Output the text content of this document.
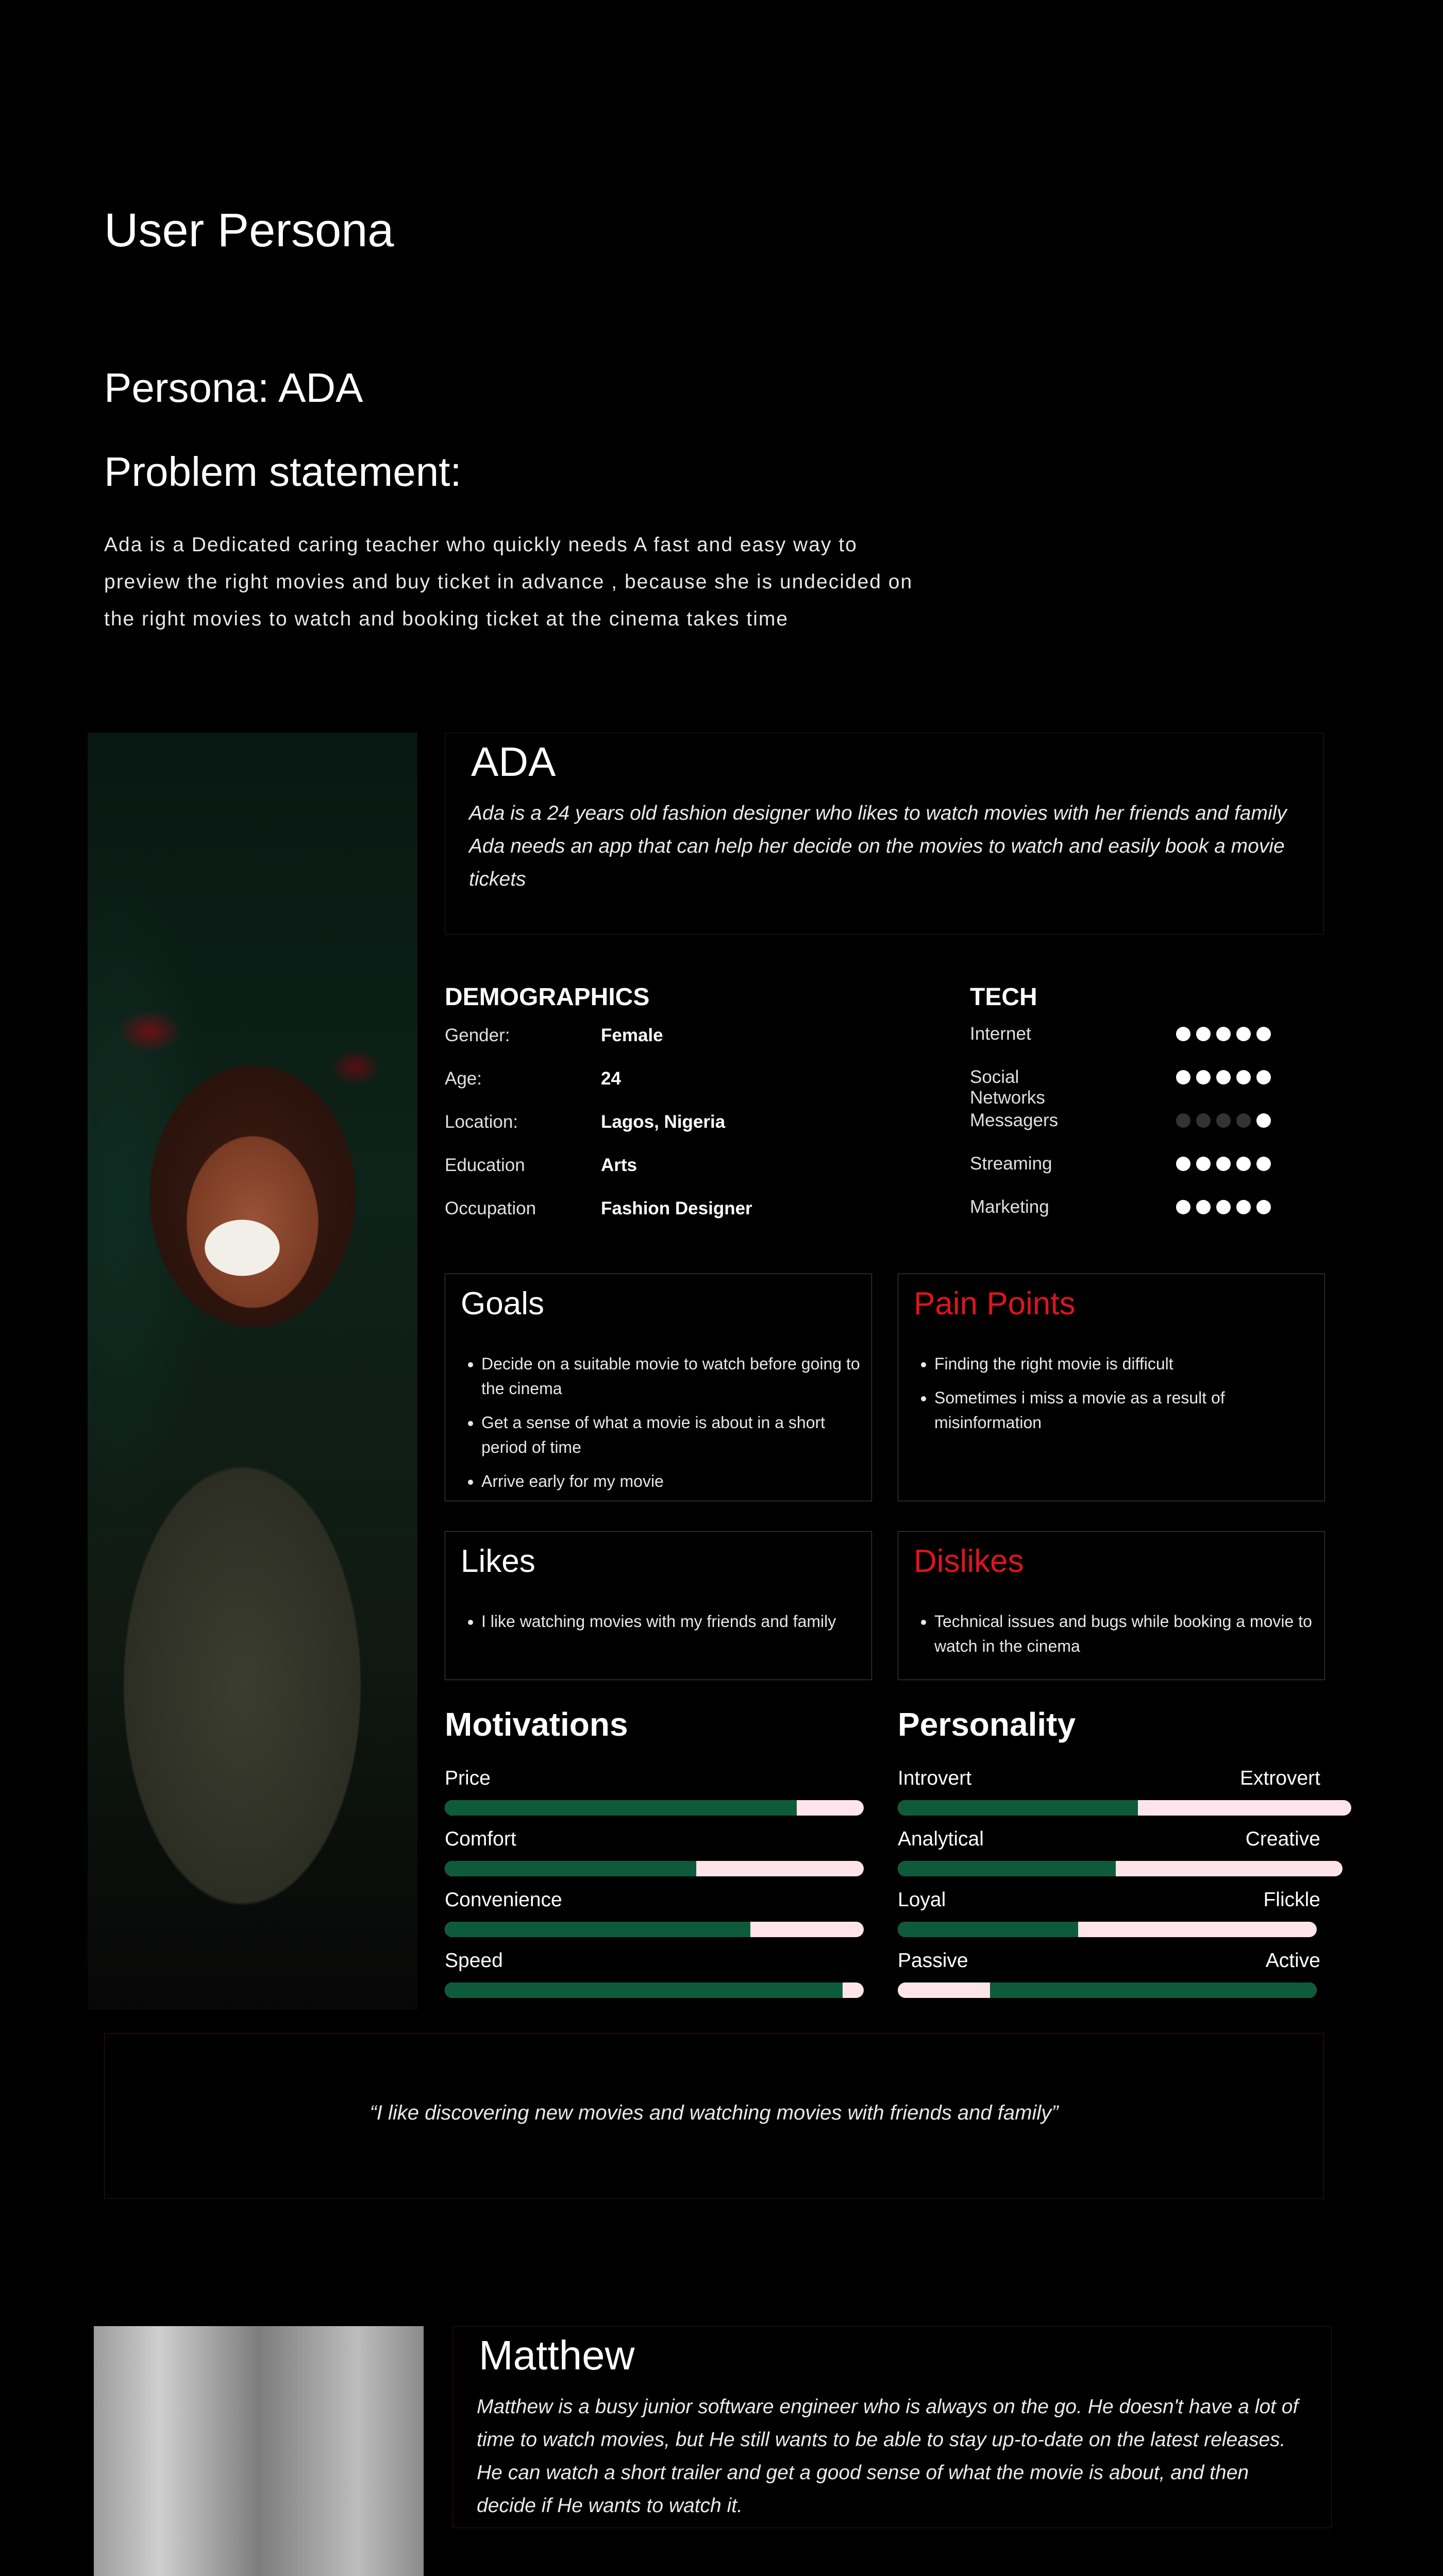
User Persona
Persona: ADA
Problem statement:
Ada is a Dedicated caring teacher who quickly needs A fast and easy way to preview the right movies and buy ticket in advance , because she is undecided on the right movies to watch and booking ticket at the cinema takes time
ADA
Ada is a 24 years old fashion designer who likes to watch movies with her friends and family Ada needs an app that can help her decide on the movies to watch and easily book a movie tickets
DEMOGRAPHICS
Gender:	Female
Age:	24
Location:	Lagos, Nigeria
Education	Arts
Occupation	Fashion Designer
TECH
Internet
Social Networks
Messagers
Streaming
Marketing
Goals
• Decide on a suitable movie to watch before going to the cinema
• Get a sense of what a movie is about in a short period of time
• Arrive early for my movie
Pain Points
• Finding the right movie is difficult
• Sometimes i miss a movie as a result of misinformation
Likes
• I like watching movies with my friends and family
Dislikes
• Technical issues and bugs while booking a movie to watch in the cinema
Motivations
Price
Comfort
Convenience
Speed
Personality
Introvert	Extrovert
Analytical	Creative
Loyal	Flickle
Passive	Active
“I like discovering new movies and watching movies with friends and family”
Matthew
Matthew is a busy junior software engineer who is always on the go. He doesn't have a lot of time to watch movies, but He still wants to be able to stay up-to-date on the latest releases. He can watch a short trailer and get a good sense of what the movie is about, and then decide if He wants to watch it.
